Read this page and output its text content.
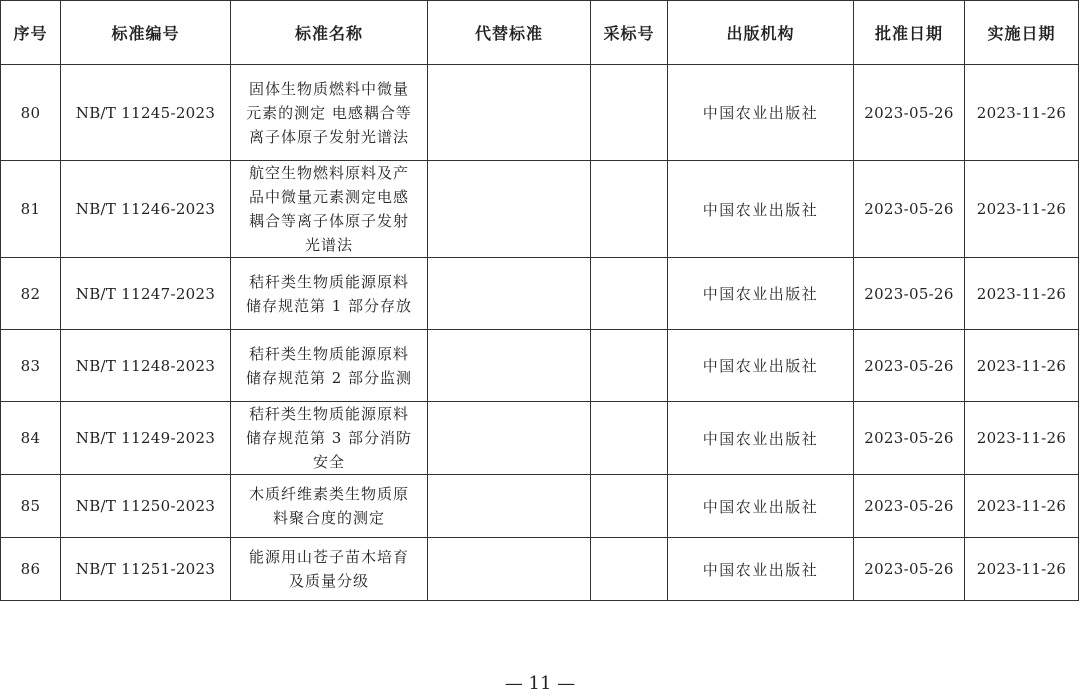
序号	标准编号	标准名称	代替标准	采标号	出版机构	批准日期	实施日期
80	NB/T 11245-2023	固体生物质燃料中微量元素的测定 电感耦合等离子体原子发射光谱法			中国农业出版社	2023-05-26	2023-11-26
81	NB/T 11246-2023	航空生物燃料原料及产品中微量元素测定电感耦合等离子体原子发射光谱法			中国农业出版社	2023-05-26	2023-11-26
82	NB/T 11247-2023	秸秆类生物质能源原料储存规范第 1 部分存放			中国农业出版社	2023-05-26	2023-11-26
83	NB/T 11248-2023	秸秆类生物质能源原料储存规范第 2 部分监测			中国农业出版社	2023-05-26	2023-11-26
84	NB/T 11249-2023	秸秆类生物质能源原料储存规范第 3 部分消防安全			中国农业出版社	2023-05-26	2023-11-26
85	NB/T 11250-2023	木质纤维素类生物质原料聚合度的测定			中国农业出版社	2023-05-26	2023-11-26
86	NB/T 11251-2023	能源用山苍子苗木培育及质量分级			中国农业出版社	2023-05-26	2023-11-26
— 11 —
